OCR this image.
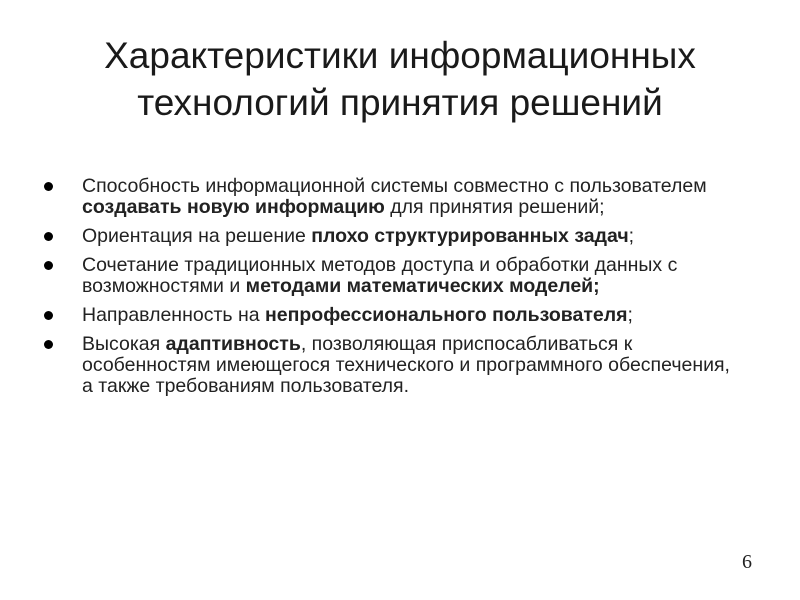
Характеристики информационных
технологий принятия решений
Способность информационной системы совместно с пользователем создавать новую информацию для принятия решений;
Ориентация на решение плохо структурированных задач;
Сочетание традиционных методов доступа и обработки данных с возможностями и методами математических моделей;
Направленность на непрофессионального пользователя;
Высокая адаптивность, позволяющая приспосабливаться к особенностям имеющегося технического и программного обеспечения, а также требованиям пользователя.
6
